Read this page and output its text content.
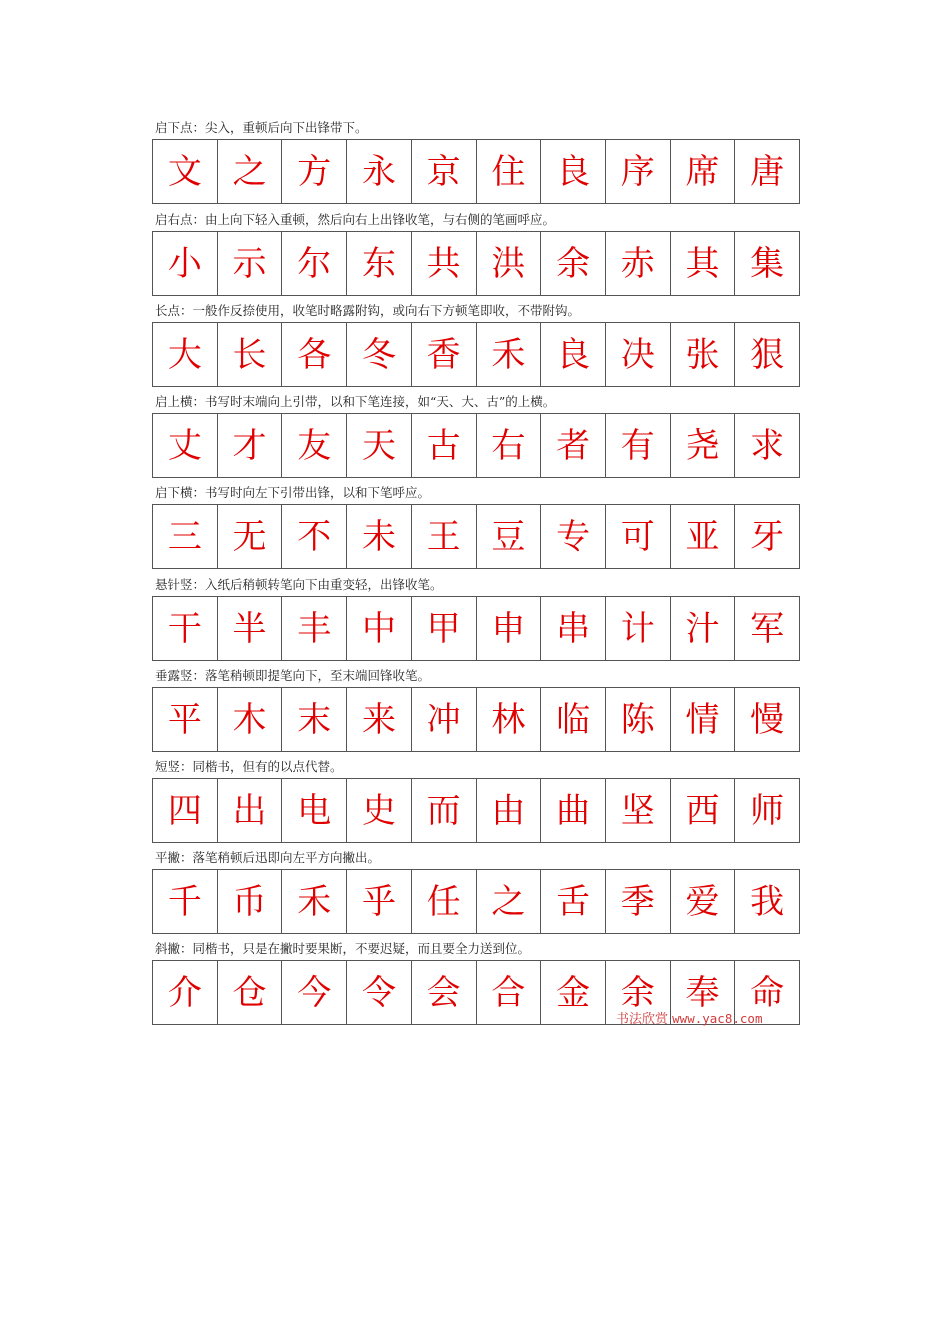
启下点：尖入，重顿后向下出锋带下。
文 之 方 永 京 住 良 序 席 唐
启右点：由上向下轻入重顿，然后向右上出锋收笔，与右侧的笔画呼应。
小 示 尔 东 共 洪 余 赤 其 集
长点：一般作反捺使用，收笔时略露附钩，或向右下方顿笔即收，不带附钩。
大 长 各 冬 香 禾 良 决 张 狠
启上横：书写时末端向上引带，以和下笔连接，如“天、大、古”的上横。
丈 才 友 天 古 右 者 有 尧 求
启下横：书写时向左下引带出锋，以和下笔呼应。
三 无 不 未 王 豆 专 可 亚 牙
悬针竖：入纸后稍顿转笔向下由重变轻，出锋收笔。
干 半 丰 中 甲 申 串 计 汁 军
垂露竖：落笔稍顿即提笔向下，至末端回锋收笔。
平 木 末 来 冲 林 临 陈 情 慢
短竖：同楷书，但有的以点代替。
四 出 电 史 而 由 曲 坚 西 师
平撇：落笔稍顿后迅即向左平方向撇出。
千 币 禾 乎 任 之 舌 季 爱 我
斜撇：同楷书，只是在撇时要果断，不要迟疑，而且要全力送到位。
介 仓 今 令 会 合 金 余 奉 命
书法欣赏 www.yac8.com
